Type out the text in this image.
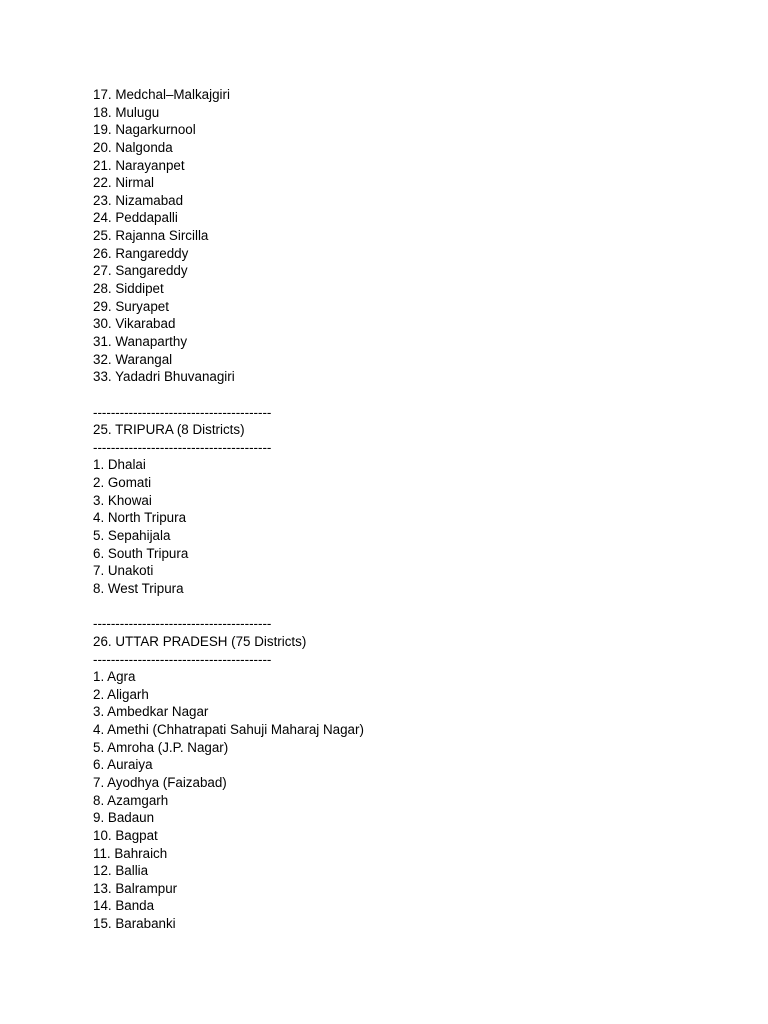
17. Medchal–Malkajgiri
18. Mulugu
19. Nagarkurnool
20. Nalgonda
21. Narayanpet
22. Nirmal
23. Nizamabad
24. Peddapalli
25. Rajanna Sircilla
26. Rangareddy
27. Sangareddy
28. Siddipet
29. Suryapet
30. Vikarabad
31. Wanaparthy
32. Warangal
33. Yadadri Bhuvanagiri
----------------------------------------
25. TRIPURA (8 Districts)
----------------------------------------
1. Dhalai
2. Gomati
3. Khowai
4. North Tripura
5. Sepahijala
6. South Tripura
7. Unakoti
8. West Tripura
----------------------------------------
26. UTTAR PRADESH (75 Districts)
----------------------------------------
1. Agra
2. Aligarh
3. Ambedkar Nagar
4. Amethi (Chhatrapati Sahuji Maharaj Nagar)
5. Amroha (J.P. Nagar)
6. Auraiya
7. Ayodhya (Faizabad)
8. Azamgarh
9. Badaun
10. Bagpat
11. Bahraich
12. Ballia
13. Balrampur
14. Banda
15. Barabanki
